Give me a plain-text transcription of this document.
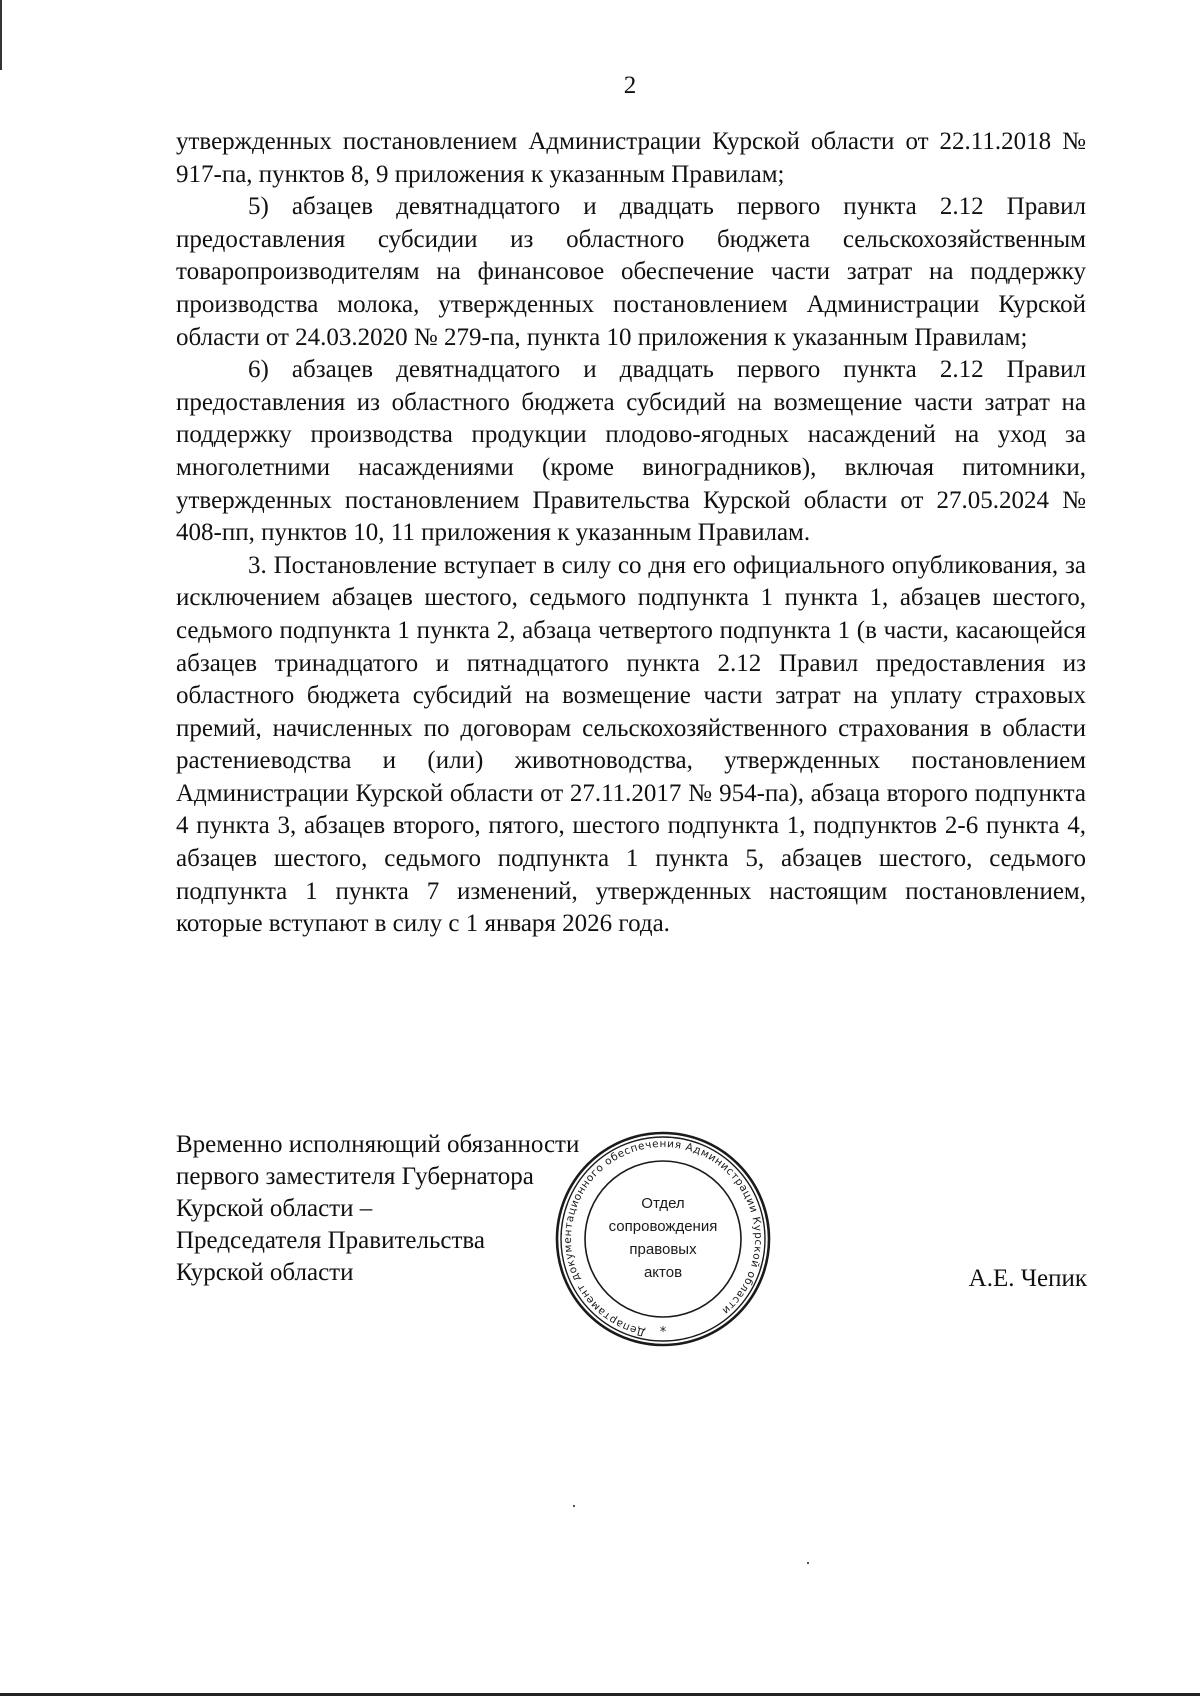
2

утвержденных постановлением Администрации Курской области от 22.11.2018 № 917-па, пунктов 8, 9 приложения к указанным Правилам;

5) абзацев девятнадцатого и двадцать первого пункта 2.12 Правил предоставления субсидии из областного бюджета сельскохозяйственным товаропроизводителям на финансовое обеспечение части затрат на поддержку производства молока, утвержденных постановлением Администрации Курской области от 24.03.2020 № 279-па, пункта 10 приложения к указанным Правилам;

6) абзацев девятнадцатого и двадцать первого пункта 2.12 Правил предоставления из областного бюджета субсидий на возмещение части затрат на поддержку производства продукции плодово-ягодных насаждений на уход за многолетними насаждениями (кроме виноградников), включая питомники, утвержденных постановлением Правительства Курской области от 27.05.2024 № 408-пп, пунктов 10, 11 приложения к указанным Правилам.

3. Постановление вступает в силу со дня его официального опубликования, за исключением абзацев шестого, седьмого подпункта 1 пункта 1, абзацев шестого, седьмого подпункта 1 пункта 2, абзаца четвертого подпункта 1 (в части, касающейся абзацев тринадцатого и пятнадцатого пункта 2.12 Правил предоставления из областного бюджета субсидий на возмещение части затрат на уплату страховых премий, начисленных по договорам сельскохозяйственного страхования в области растениеводства и (или) животноводства, утвержденных постановлением Администрации Курской области от 27.11.2017 № 954-па), абзаца второго подпункта 4 пункта 3, абзацев второго, пятого, шестого подпункта 1, подпунктов 2-6 пункта 4, абзацев шестого, седьмого подпункта 1 пункта 5, абзацев шестого, седьмого подпункта 1 пункта 7 изменений, утвержденных настоящим постановлением, которые вступают в силу с 1 января 2026 года.

Временно исполняющий обязанности
первого заместителя Губернатора
Курской области –
Председателя Правительства
Курской области	А.Е. Чепик
Департамент документационного обеспечения Администрации Курской области
*
Отдел
сопровождения
правовых
актов
